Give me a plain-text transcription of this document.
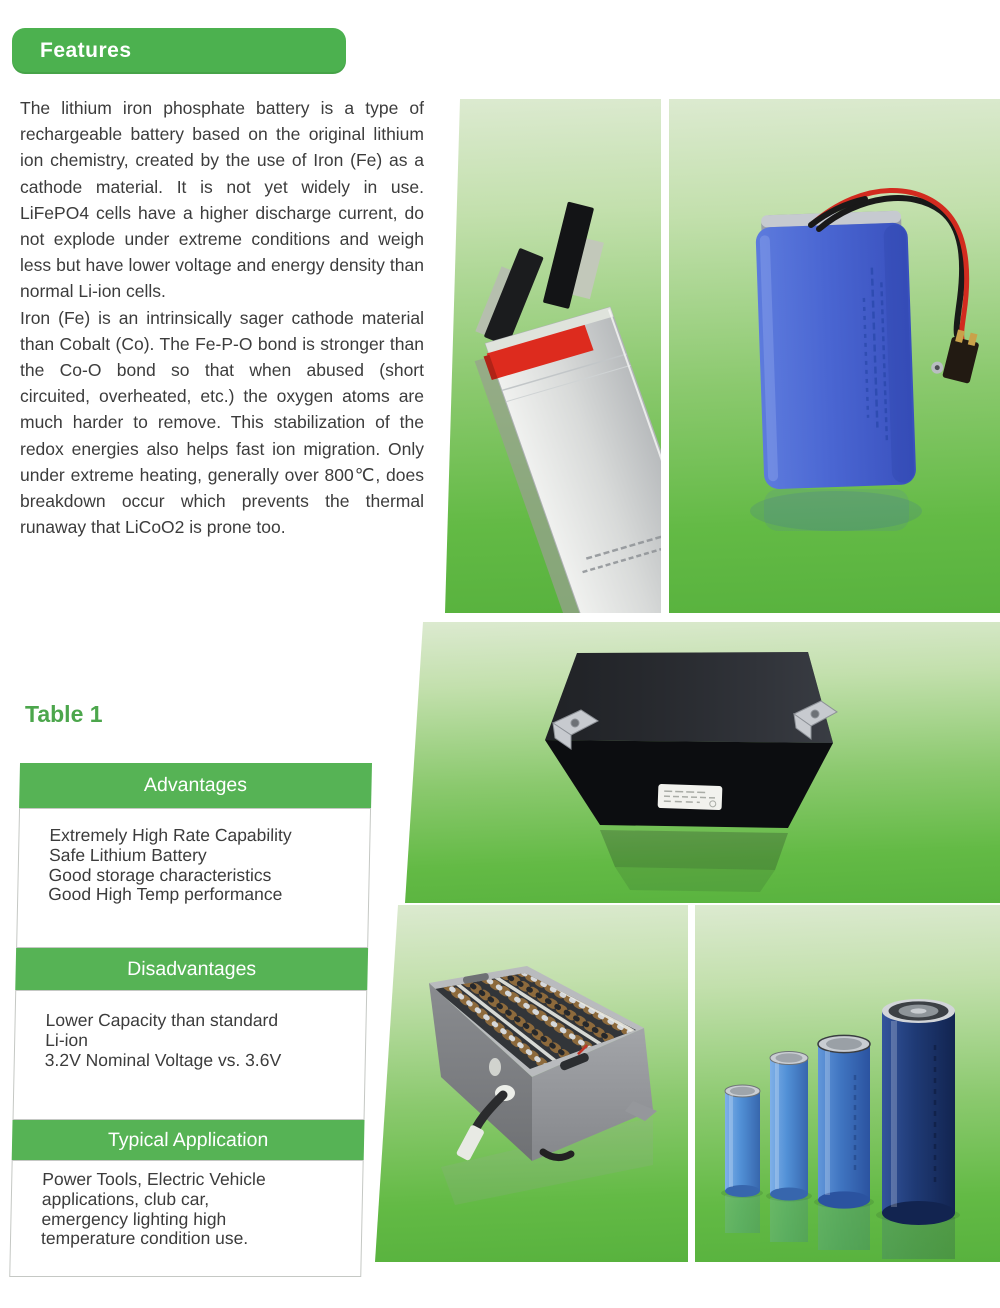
Features

The lithium iron phosphate battery is a type of rechargeable battery based on the original lithium ion chemistry, created by the use of Iron (Fe) as a cathode material. It is not yet widely in use. LiFePO4 cells have a higher discharge current, do not explode under extreme conditions and weigh less but have lower voltage and energy density than normal Li-ion cells.

Iron (Fe) is an intrinsically sager cathode material than Cobalt (Co). The Fe-P-O bond is stronger than the Co-O bond so that when abused (short circuited, overheated, etc.) the oxygen atoms are much harder to remove. This stabilization of the redox energies also helps fast ion migration. Only under extreme heating, generally over 800℃, does breakdown occur which prevents the thermal runaway that LiCoO2 is prone too.

Table 1
Advantages
Extremely High Rate Capability
Safe Lithium Battery
Good storage characteristics
Good High Temp performance
Disadvantages
Lower Capacity than standard
Li-ion
3.2V Nominal Voltage vs. 3.6V
Typical Application
Power Tools, Electric Vehicle
applications, club car,
emergency lighting high
temperature condition use.
